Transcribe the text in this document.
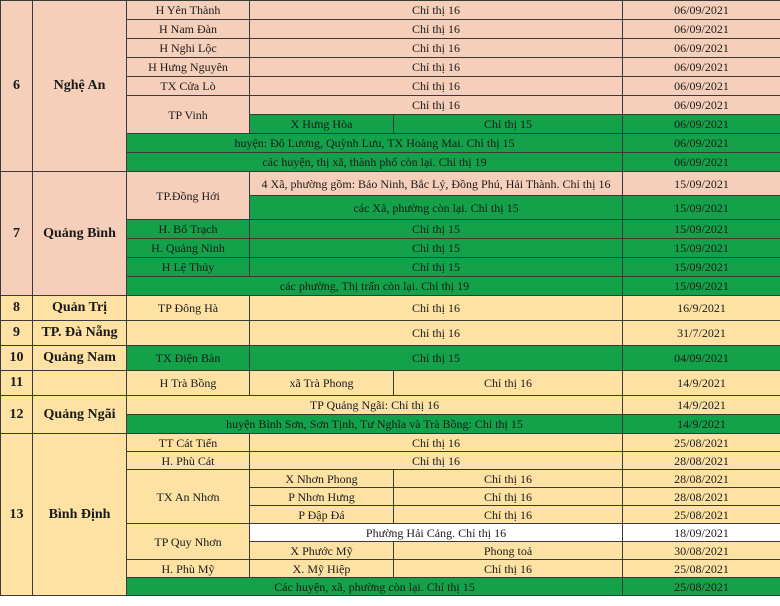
6	Nghệ An	H Yên Thành	Chỉ thị 16		06/09/2021
		H Nam Đàn	Chỉ thị 16		06/09/2021
		H Nghi Lộc	Chỉ thị 16		06/09/2021
		H Hưng Nguyên	Chỉ thị 16		06/09/2021
		TX Cửa Lò	Chỉ thị 16		06/09/2021
		TP Vinh	Chỉ thị 16		06/09/2021
			X Hưng Hòa	Chỉ thị 15	06/09/2021
		huyện: Đô Lương, Quỳnh Lưu, TX Hoàng Mai. Chỉ thị 15			06/09/2021
		các huyện, thị xã, thành phố còn lại. Chỉ thị 19			06/09/2021
7	Quảng Bình	TP.Đồng Hới	4 Xã, phường gồm: Bảo Ninh, Bắc Lý, Đồng Phú, Hải Thành. Chỉ thị 16		15/09/2021
			các Xã, phường còn lại. Chỉ thị 15		15/09/2021
		H. Bố Trạch	Chỉ thị 15		15/09/2021
		H. Quảng Ninh	Chỉ thị 15		15/09/2021
		H Lệ Thủy	Chỉ thị 15		15/09/2021
		các phường, Thị trấn còn lại. Chỉ thị 19			15/09/2021
8	Quản Trị	TP Đông Hà	Chỉ thị 16		16/9/2021
9	TP. Đà Nẵng		Chỉ thị 16		31/7/2021
10	Quảng Nam	TX Điện Bàn	Chỉ thị 15		04/09/2021
11		H Trà Bồng	xã Trà Phong	Chỉ thị 16	14/9/2021
12	Quảng Ngãi	TP Quảng Ngãi: Chỉ thị 16			14/9/2021
		huyện Bình Sơn, Sơn Tịnh, Tư Nghĩa và Trà Bồng: Chỉ thị 15			14/9/2021
13	Bình Định	TT Cát Tiến	Chỉ thị 16		25/08/2021
		H. Phù Cát	Chỉ thị 16		28/08/2021
		TX An Nhơn	X Nhơn Phong	Chỉ thị 16	28/08/2021
			P Nhơn Hưng	Chỉ thị 16	28/08/2021
			P Đập Đá	Chỉ thị 16	25/08/2021
		TP Quy Nhơn	Phường Hải Cảng. Chỉ thị 16		18/09/2021
			X Phước Mỹ	Phong toả	30/08/2021
		H. Phù Mỹ	X. Mỹ Hiệp	Chỉ thị 16	25/08/2021
		Các huyện, xã, phường còn lại. Chỉ thị 15			25/08/2021
